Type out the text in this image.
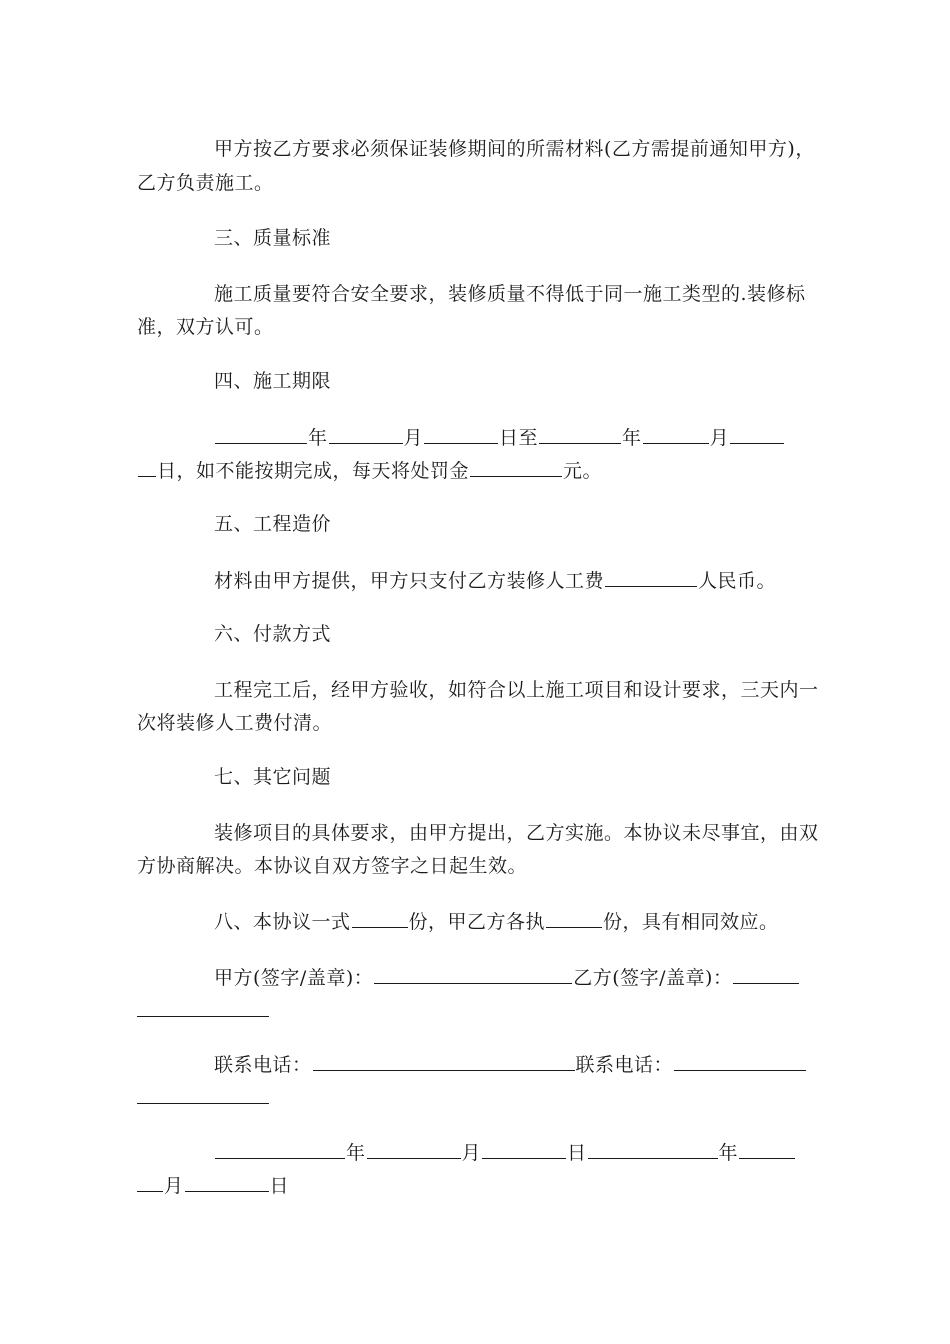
甲方按乙方要求必须保证装修期间的所需材料(乙方需提前通知甲方)，
乙方负责施工。
三、质量标准
施工质量要符合安全要求，装修质量不得低于同一施工类型的.装修标
准，双方认可。
四、施工期限
年	月	日至	年	月
日，如不能按期完成，每天将处罚金	元。
五、工程造价
材料由甲方提供，甲方只支付乙方装修人工费	人民币。
六、付款方式
工程完工后，经甲方验收，如符合以上施工项目和设计要求，三天内一
次将装修人工费付清。
七、其它问题
装修项目的具体要求，由甲方提出，乙方实施。本协议未尽事宜，由双
方协商解决。本协议自双方签字之日起生效。
八、本协议一式	份，甲乙方各执	份，具有相同效应。
甲方(签字/盖章)：	乙方(签字/盖章)：
联系电话：	联系电话：
年	月	日	年
月	日
